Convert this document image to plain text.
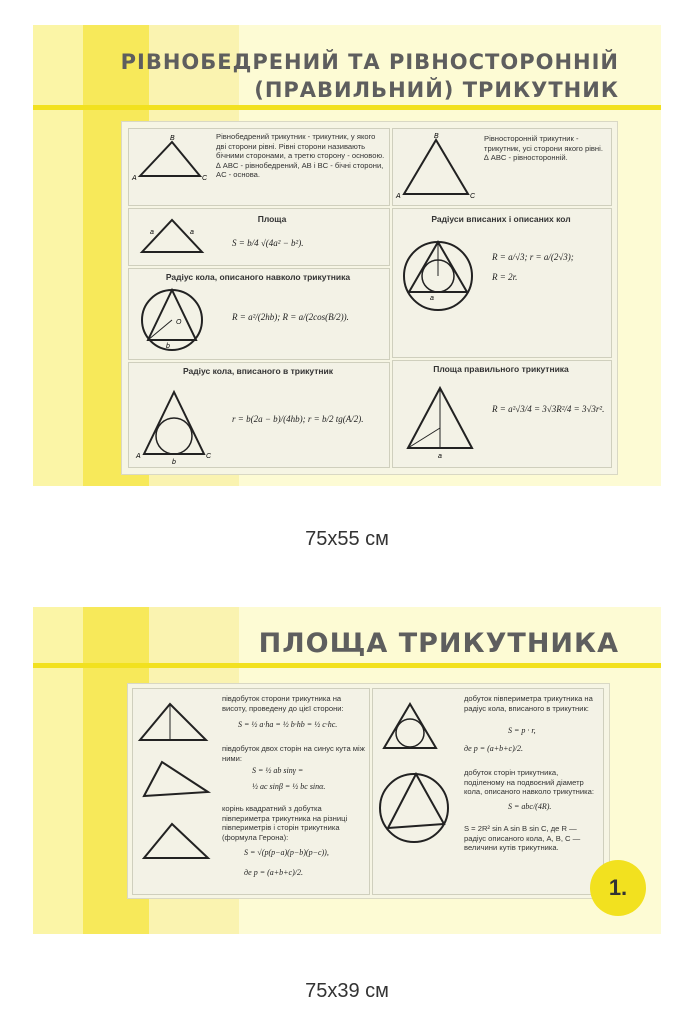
РІВНОБЕДРЕНИЙ ТА РІВНОСТОРОННІЙ
(ПРАВИЛЬНИЙ) ТРИКУТНИК
A
B
C
Рівнобедрений трикутник - трикутник, у якого дві сторони рівні. Рівні сторони називають бічними сторонами, а третю сторону - основою. ∆ ABC - рівнобедрений, AB і BC - бічні сторони, AC - основа.
A
B
C
Рівносторонній трикутник - трикутник, усі сторони якого рівні. ∆ ABC - рівносторонній.
a	a
Площа
S = b/4 √(4a² − b²).
Радіус кола, описаного навколо трикутника
O
b
R = a²/(2hb); R = a/(2cos(B/2)).
Радіус кола, вписаного в трикутник
A	C
b
r = b(2a − b)/(4hb); r = b/2 tg(A/2).
Радіуси вписаних і описаних кол
a
R = a/√3; r = a/(2√3);
R = 2r.
Площа правильного трикутника
a
R = a²√3/4 = 3√3R²/4 = 3√3r².
75x55 см
ПЛОЩА ТРИКУТНИКА
півдобуток сторони трикутника на висоту, проведену до цієї сторони:
S = ½ a·ha = ½ b·hb = ½ c·hc.
півдобуток двох сторін на синус кута між ними:
S = ½ ab sinγ =
½ ac sinβ = ½ bc sinα.
корінь квадратний з добутка півпериметра трикутника на різниці півпериметрів і сторін трикутника (формула Герона):
S = √(p(p−a)(p−b)(p−c)),
де p = (a+b+c)/2.
добуток півпериметра трикутника на радіус кола, вписаного в трикутник:
S = p · r,
де p = (a+b+c)/2.
добуток сторін трикутника, поділеному на подвоєний діаметр кола, описаного навколо трикутника:
S = abc/(4R).
S = 2R² sin A sin B sin C, де R — радіус описаного кола, A, B, C — величини кутів трикутника.
1.
75x39 см
